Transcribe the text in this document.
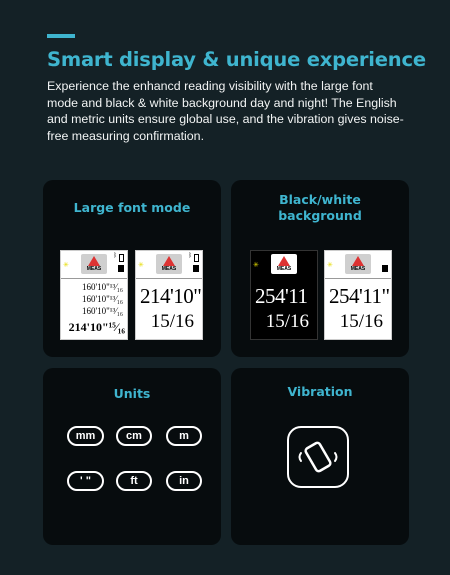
Smart display & unique experience
Experience the enhancd reading visibility with the large font mode and black & white background day and night! The English and metric units ensure global use, and the vibration gives noise-free measuring confirmation.
Large font mode
✳	MEAS
ᛒ
160'10"¹³⁄₁₆
160'10"¹³⁄₁₆
160'10"¹³⁄₁₆
214'10"¹⁵⁄₁₆
✳	MEAS
ᛒ
214'10"
15/16
Black/white
background
✳	MEAS
254'11
15/16
✳	MEAS
254'11"
15/16
Units
mm	cm	m
' "	ft	in
Vibration
